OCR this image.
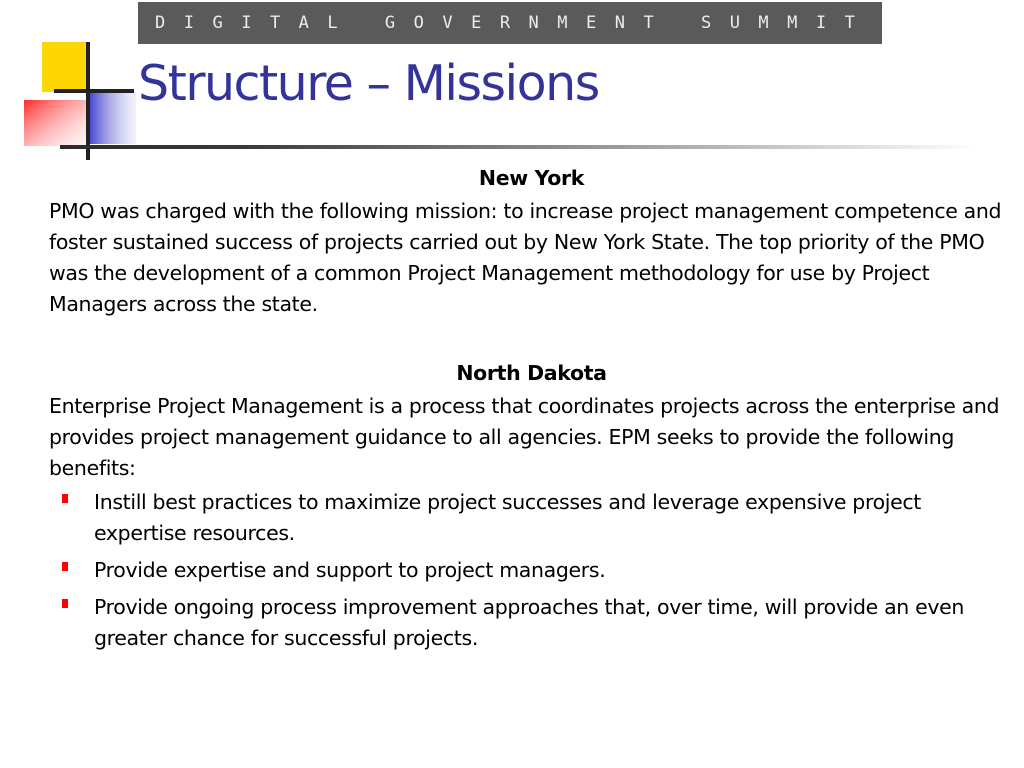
DIGITAL GOVERNMENT SUMMIT
Structure – Missions

New York

PMO was charged with the following mission: to increase project management competence and foster sustained success of projects carried out by New York State. The top priority of the PMO was the development of a common Project Management methodology for use by Project Managers across the state.

North Dakota

Enterprise Project Management is a process that coordinates projects across the enterprise and provides project management guidance to all agencies. EPM seeks to provide the following benefits:

Instill best practices to maximize project successes and leverage expensive project expertise resources.
Provide expertise and support to project managers.
Provide ongoing process improvement approaches that, over time, will provide an even greater chance for successful projects.
